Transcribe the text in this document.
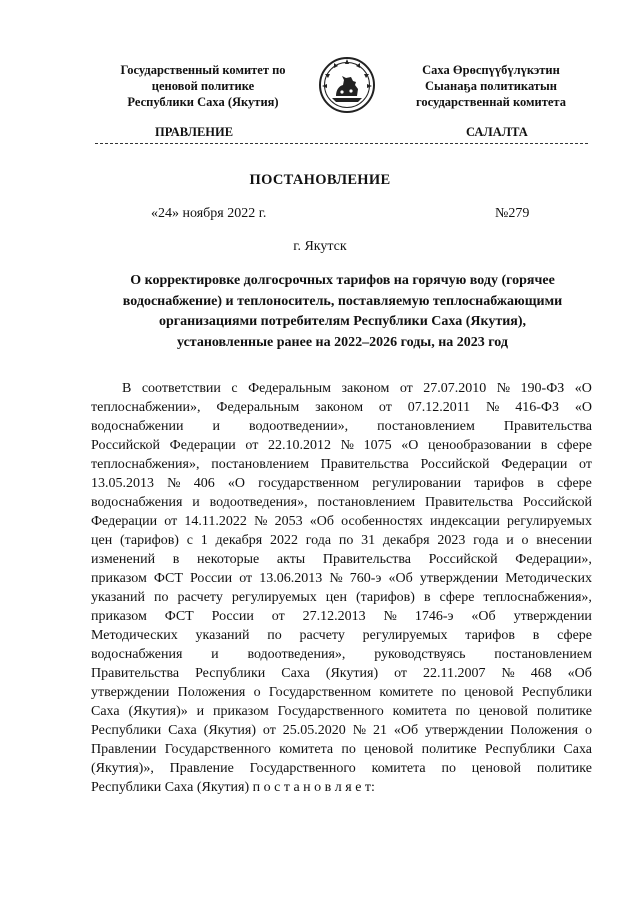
Государственный комитет по
ценовой политике
Республики Саха (Якутия)
Саха Өрөспүүбүлүкэтин
Сыанаҕа политикатын
государственнай комитета
ПРАВЛЕНИЕ	САЛАЛТА
ПОСТАНОВЛЕНИЕ
«24» ноября 2022 г.	№279
г. Якутск
О корректировке долгосрочных тарифов на горячую воду (горячее
водоснабжение) и теплоноситель, поставляемую теплоснабжающими
организациями потребителям Республики Саха (Якутия),
установленные ранее на 2022–2026 годы, на 2023 год
В соответствии с Федеральным законом от 27.07.2010 № 190-ФЗ «О
теплоснабжении», Федеральным законом от 07.12.2011 № 416-ФЗ «О
водоснабжении и водоотведении», постановлением Правительства
Российской Федерации от 22.10.2012 № 1075 «О ценообразовании в сфере
теплоснабжения», постановлением Правительства Российской Федерации от
13.05.2013 № 406 «О государственном регулировании тарифов в сфере
водоснабжения и водоотведения», постановлением Правительства Российской
Федерации от 14.11.2022 № 2053 «Об особенностях индексации регулируемых
цен (тарифов) с 1 декабря 2022 года по 31 декабря 2023 года и о внесении
изменений в некоторые акты Правительства Российской Федерации»,
приказом ФСТ России от 13.06.2013 № 760-э «Об утверждении Методических
указаний по расчету регулируемых цен (тарифов) в сфере теплоснабжения»,
приказом ФСТ России от 27.12.2013 № 1746-э «Об утверждении
Методических указаний по расчету регулируемых тарифов в сфере
водоснабжения и водоотведения», руководствуясь постановлением
Правительства Республики Саха (Якутия) от 22.11.2007 № 468 «Об
утверждении Положения о Государственном комитете по ценовой Республики
Саха (Якутия)» и приказом Государственного комитета по ценовой политике
Республики Саха (Якутия) от 25.05.2020 № 21 «Об утверждении Положения о
Правлении Государственного комитета по ценовой политике Республики Саха
(Якутия)», Правление Государственного комитета по ценовой политике
Республики Саха (Якутия) п о с т а н о в л я е т:
